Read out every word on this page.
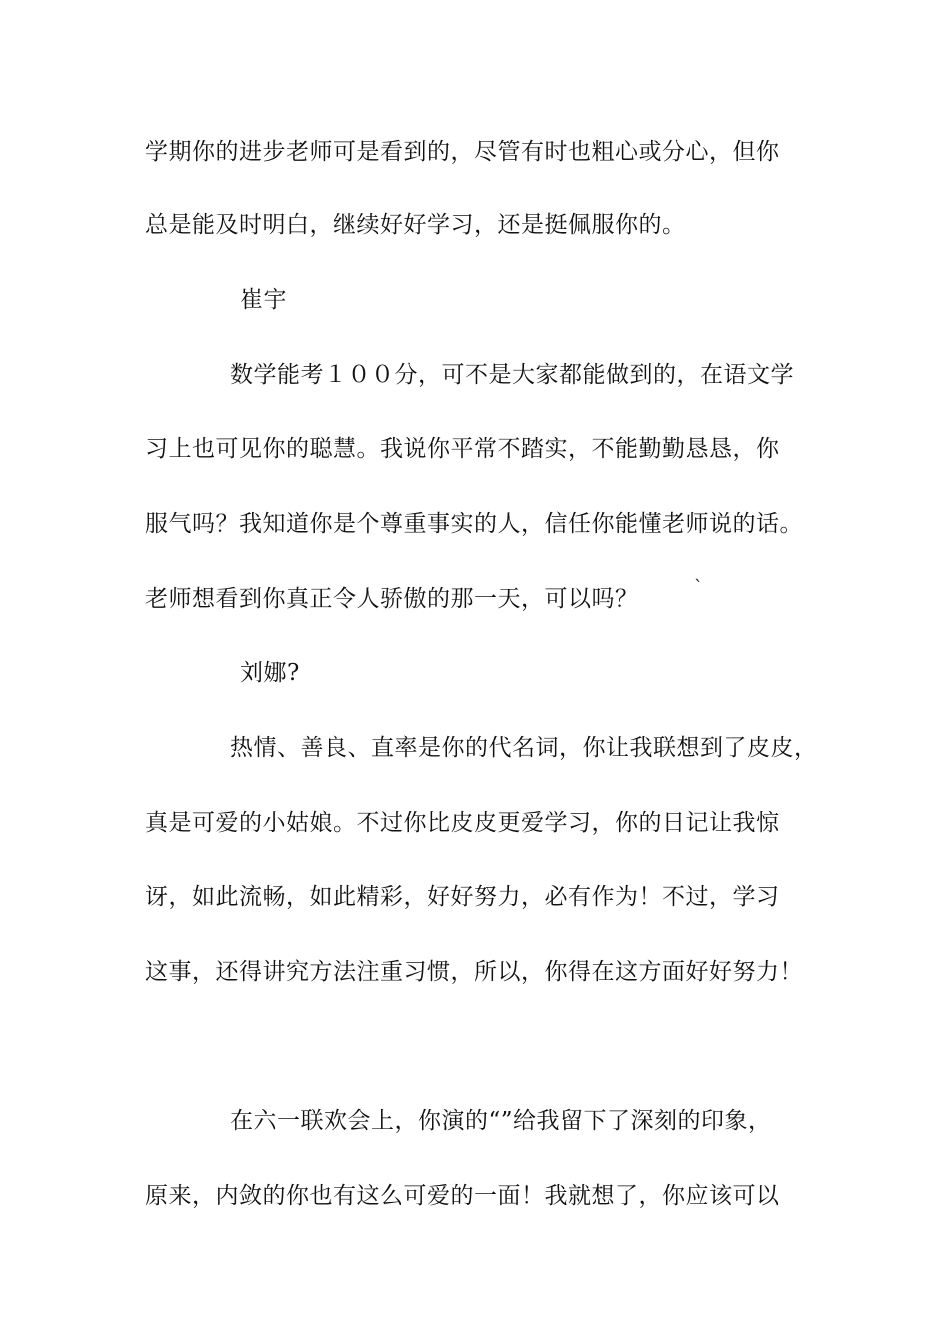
学期你的进步老师可是看到的，尽管有时也粗心或分心，但你
总是能及时明白，继续好好学习，还是挺佩服你的。
崔宇
数学能考１００分，可不是大家都能做到的，在语文学
习上也可见你的聪慧。我说你平常不踏实，不能勤勤恳恳，你
服气吗？我知道你是个尊重事实的人，信任你能懂老师说的话。
老师想看到你真正令人骄傲的那一天，可以吗？	`
刘娜?
热情、善良、直率是你的代名词，你让我联想到了皮皮，
真是可爱的小姑娘。不过你比皮皮更爱学习，你的日记让我惊
讶，如此流畅，如此精彩，好好努力，必有作为！不过，学习
这事，还得讲究方法注重习惯，所以，你得在这方面好好努力！
在六一联欢会上，你演的“”给我留下了深刻的印象，
原来，内敛的你也有这么可爱的一面！我就想了，你应该可以
